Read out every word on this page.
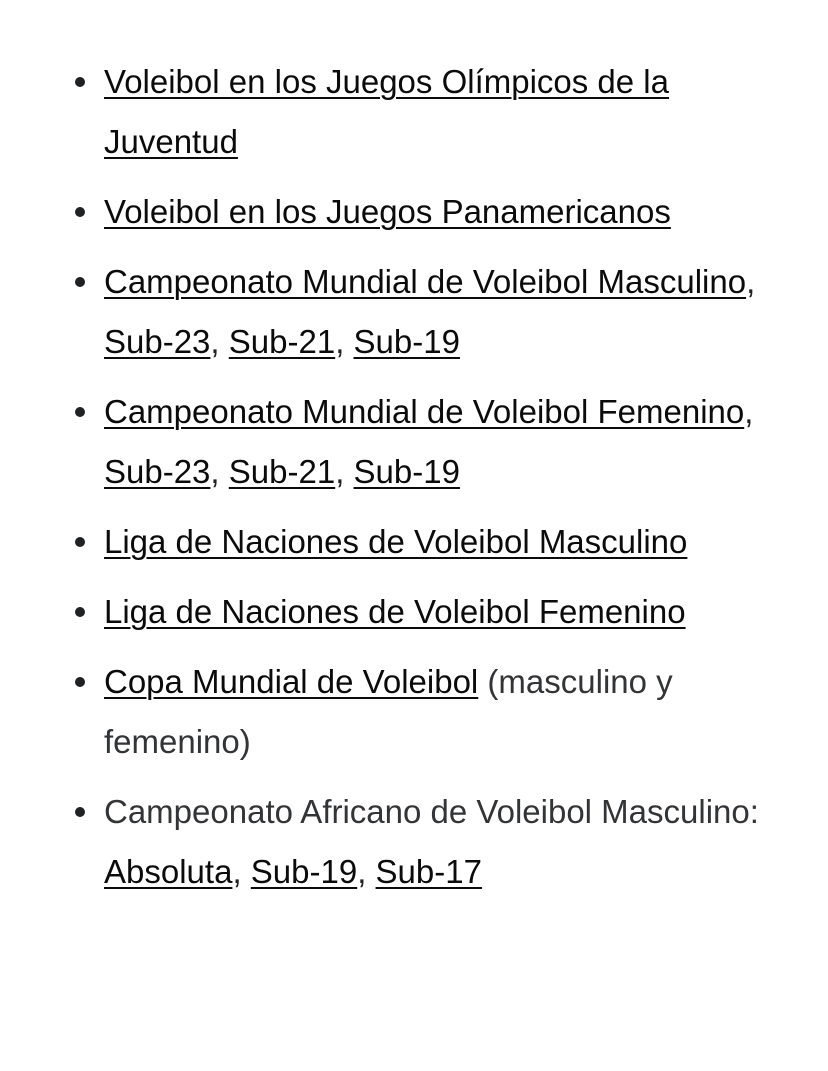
Voleibol en los Juegos Olímpicos de la Juventud
Voleibol en los Juegos Panamericanos
Campeonato Mundial de Voleibol Masculino, Sub-23, Sub-21, Sub-19
Campeonato Mundial de Voleibol Femenino, Sub-23, Sub-21, Sub-19
Liga de Naciones de Voleibol Masculino
Liga de Naciones de Voleibol Femenino
Copa Mundial de Voleibol (masculino y femenino)
Campeonato Africano de Voleibol Masculino: Absoluta, Sub-19, Sub-17
